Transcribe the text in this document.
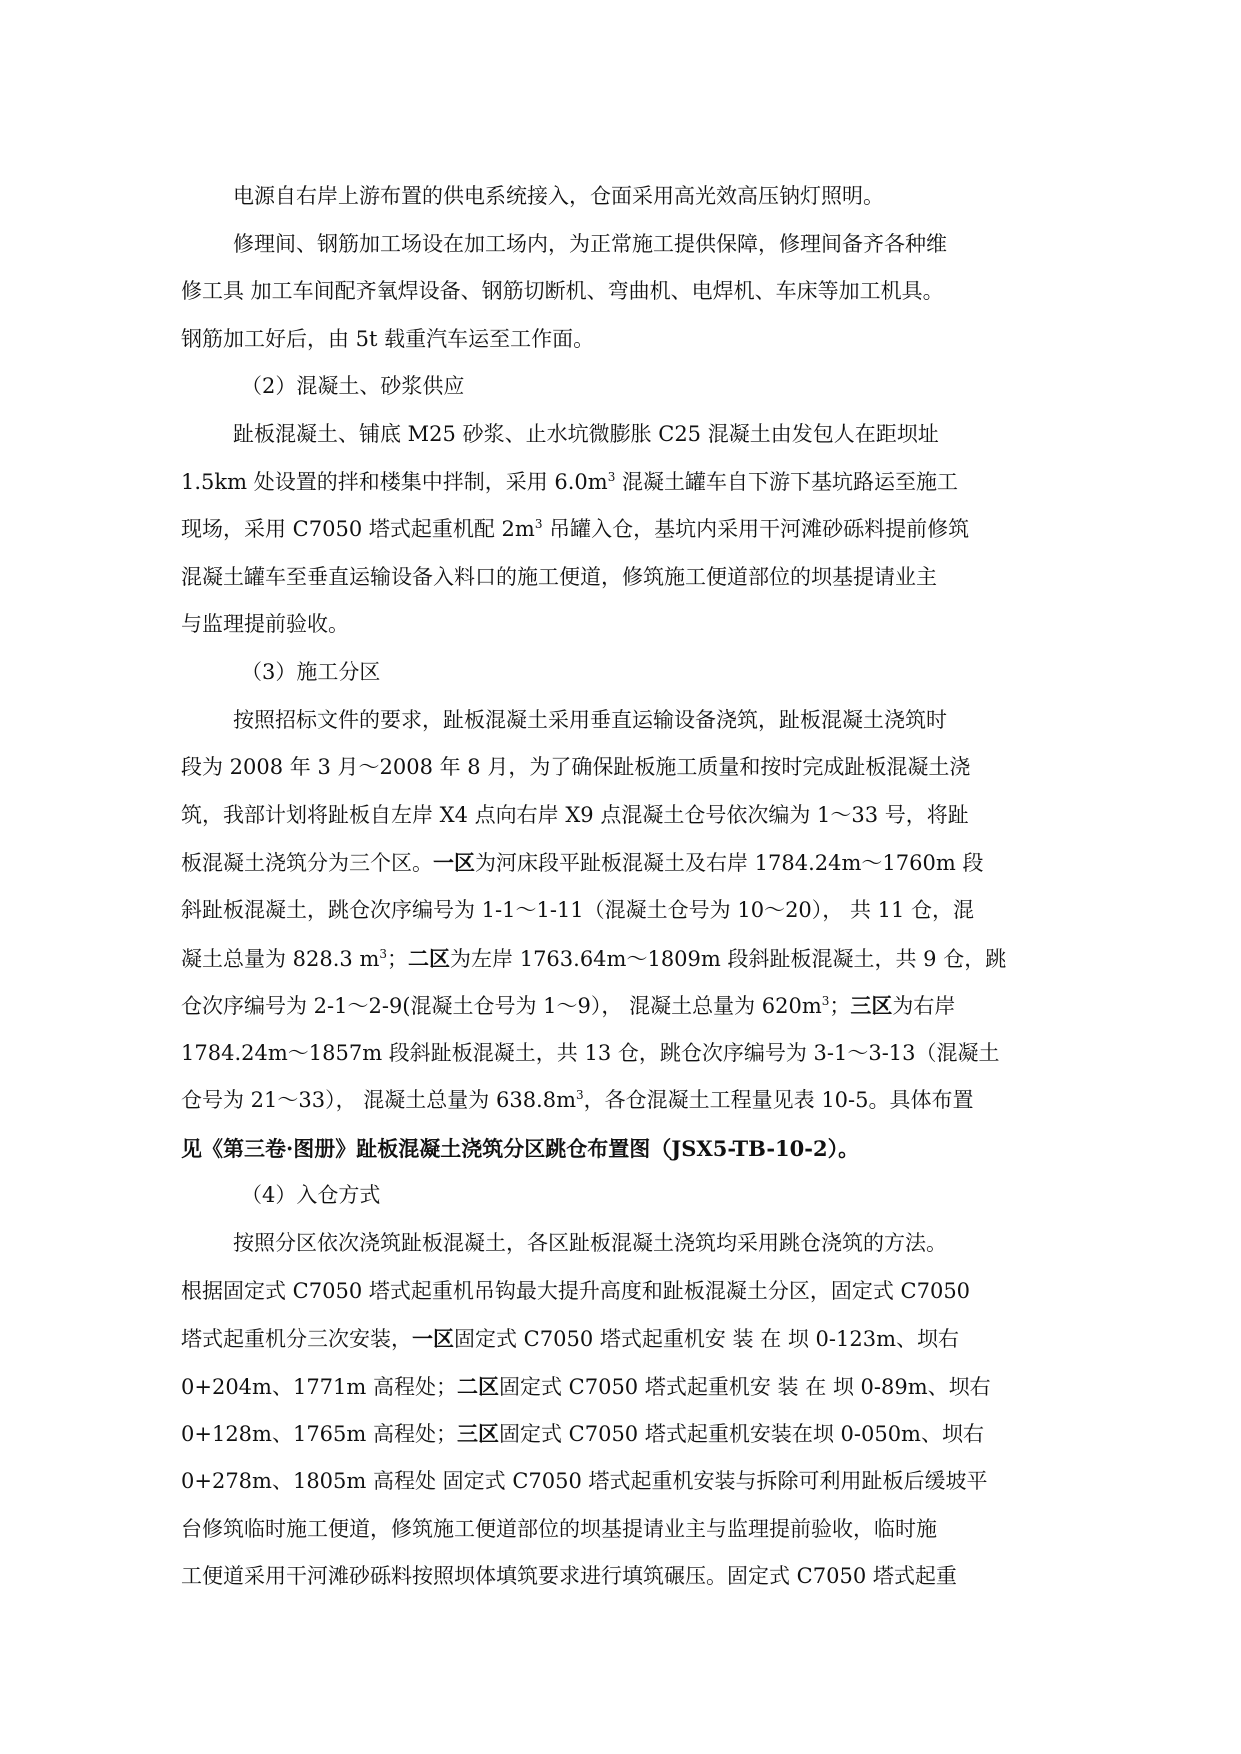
电源自右岸上游布置的供电系统接入，仓面采用高光效高压钠灯照明。
修理间、钢筋加工场设在加工场内，为正常施工提供保障，修理间备齐各种维
修工具 加工车间配齐氧焊设备、钢筋切断机、弯曲机、电焊机、车床等加工机具。
钢筋加工好后，由 5t 载重汽车运至工作面。
（2）混凝土、砂浆供应
趾板混凝土、铺底 M25 砂浆、止水坑微膨胀 C25 混凝土由发包人在距坝址
1.5km 处设置的拌和楼集中拌制，采用 $6.0m^3$ 混凝土罐车自下游下基坑路运至施工
现场，采用 C7050 塔式起重机配 $2m^3$ 吊罐入仓，基坑内采用干河滩砂砾料提前修筑
混凝土罐车至垂直运输设备入料口的施工便道，修筑施工便道部位的坝基提请业主
与监理提前验收。
（3）施工分区
按照招标文件的要求，趾板混凝土采用垂直运输设备浇筑，趾板混凝土浇筑时
段为 2008 年 3 月～2008 年 8 月，为了确保趾板施工质量和按时完成趾板混凝土浇
筑，我部计划将趾板自左岸 X4 点向右岸 X9 点混凝土仓号依次编为 1～33 号，将趾
板混凝土浇筑分为三个区。一区为河床段平趾板混凝土及右岸 1784.24m～1760m 段
斜趾板混凝土，跳仓次序编号为 1-1～1-11（混凝土仓号为 10～20）， 共 11 仓，混
凝土总量为 828.3 $m^3$；二区为左岸 1763.64m～1809m 段斜趾板混凝土，共 9 仓，跳
仓次序编号为 2-1～2-9(混凝土仓号为 1～9）， 混凝土总量为 $620m^3$；三区为右岸
1784.24m～1857m 段斜趾板混凝土，共 13 仓，跳仓次序编号为 3-1～3-13（混凝土
仓号为 21～33）， 混凝土总量为 $638.8m^3$，各仓混凝土工程量见表 10-5。具体布置
见《第三卷·图册》趾板混凝土浇筑分区跳仓布置图（JSX5-TB-10-2）。
（4）入仓方式
按照分区依次浇筑趾板混凝土，各区趾板混凝土浇筑均采用跳仓浇筑的方法。
根据固定式 C7050 塔式起重机吊钩最大提升高度和趾板混凝土分区，固定式 C7050
塔式起重机分三次安装，一区固定式 C7050 塔式起重机安 装 在 坝 0-123m、坝右
0+204m、1771m 高程处；二区固定式 C7050 塔式起重机安 装 在 坝 0-89m、坝右
0+128m、1765m 高程处；三区固定式 C7050 塔式起重机安装在坝 0-050m、坝右
0+278m、1805m 高程处 固定式 C7050 塔式起重机安装与拆除可利用趾板后缓坡平
台修筑临时施工便道，修筑施工便道部位的坝基提请业主与监理提前验收，临时施
工便道采用干河滩砂砾料按照坝体填筑要求进行填筑碾压。固定式 C7050 塔式起重
